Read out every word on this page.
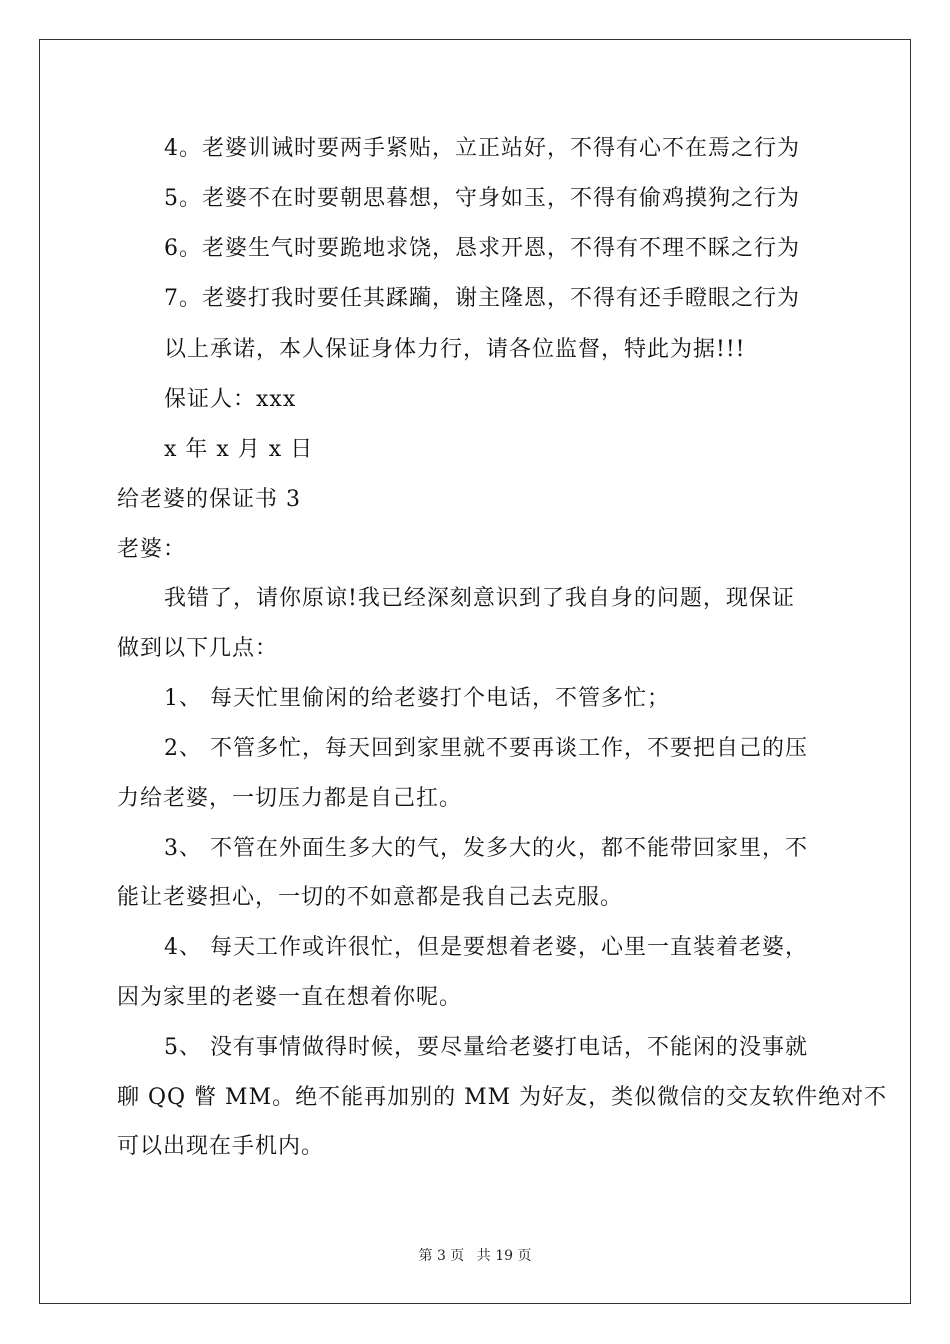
4。老婆训诫时要两手紧贴，立正站好，不得有心不在焉之行为
5。老婆不在时要朝思暮想，守身如玉，不得有偷鸡摸狗之行为
6。老婆生气时要跪地求饶，恳求开恩，不得有不理不睬之行为
7。老婆打我时要任其蹂躏，谢主隆恩，不得有还手瞪眼之行为
以上承诺，本人保证身体力行，请各位监督，特此为据!!!
保证人：xxx
x 年 x 月 x 日
给老婆的保证书 3
老婆：
我错了，请你原谅!我已经深刻意识到了我自身的问题，现保证
做到以下几点：
1、 每天忙里偷闲的给老婆打个电话，不管多忙；
2、 不管多忙，每天回到家里就不要再谈工作，不要把自己的压
力给老婆，一切压力都是自己扛。
3、 不管在外面生多大的气，发多大的火，都不能带回家里，不
能让老婆担心，一切的不如意都是我自己去克服。
4、 每天工作或许很忙，但是要想着老婆，心里一直装着老婆，
因为家里的老婆一直在想着你呢。
5、 没有事情做得时候，要尽量给老婆打电话，不能闲的没事就
聊 QQ 瞥 MM。绝不能再加别的 MM 为好友，类似微信的交友软件绝对不
可以出现在手机内。
第 3 页 共 19 页
